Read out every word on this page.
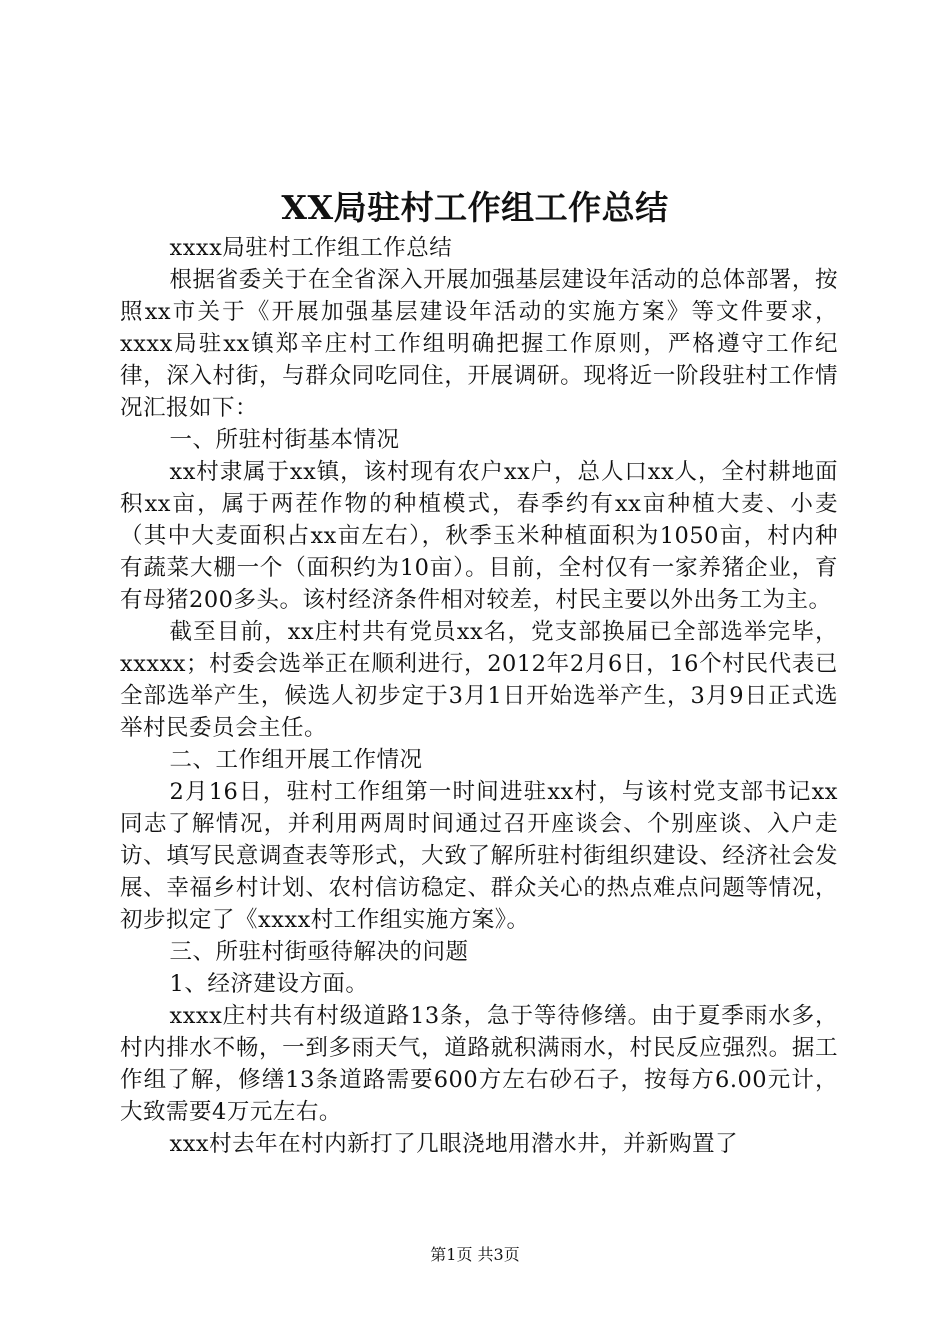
XX局驻村工作组工作总结

xxxx局驻村工作组工作总结

根据省委关于在全省深入开展加强基层建设年活动的总体部署，按照xx市关于《开展加强基层建设年活动的实施方案》等文件要求，xxxx局驻xx镇郑辛庄村工作组明确把握工作原则，严格遵守工作纪律，深入村街，与群众同吃同住，开展调研。现将近一阶段驻村工作情况汇报如下：

一、所驻村街基本情况

xx村隶属于xx镇，该村现有农户xx户，总人口xx人，全村耕地面积xx亩，属于两茬作物的种植模式，春季约有xx亩种植大麦、小麦（其中大麦面积占xx亩左右），秋季玉米种植面积为1050亩，村内种有蔬菜大棚一个（面积约为10亩）。目前，全村仅有一家养猪企业，育有母猪200多头。该村经济条件相对较差，村民主要以外出务工为主。

截至目前，xx庄村共有党员xx名，党支部换届已全部选举完毕，xxxxx；村委会选举正在顺利进行，2012年2月6日，16个村民代表已全部选举产生，候选人初步定于3月1日开始选举产生，3月9日正式选举村民委员会主任。

二、工作组开展工作情况

2月16日，驻村工作组第一时间进驻xx村，与该村党支部书记xx同志了解情况，并利用两周时间通过召开座谈会、个别座谈、入户走访、填写民意调查表等形式，大致了解所驻村街组织建设、经济社会发展、幸福乡村计划、农村信访稳定、群众关心的热点难点问题等情况，初步拟定了《xxxx村工作组实施方案》。

三、所驻村街亟待解决的问题

1、经济建设方面。

xxxx庄村共有村级道路13条，急于等待修缮。由于夏季雨水多，村内排水不畅，一到多雨天气，道路就积满雨水，村民反应强烈。据工作组了解，修缮13条道路需要600方左右砂石子，按每方6.00元计，大致需要4万元左右。

xxx村去年在村内新打了几眼浇地用潜水井，并新购置了

第1页 共3页
